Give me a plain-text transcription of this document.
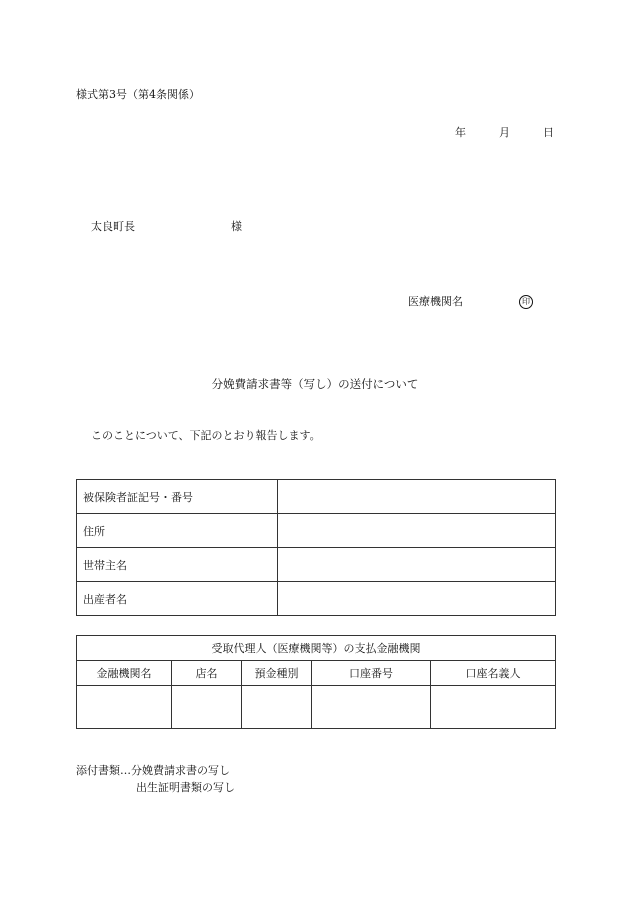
様式第3号（第4条関係）
年	月	日
太良町長	様
医療機関名	印
分娩費請求書等（写し）の送付について
このことについて、下記のとおり報告します。
被保険者証記号・番号	
住所	
世帯主名	
出産者名	
受取代理人（医療機関等）の支払金融機関				
金融機関名	店名	預金種別	口座番号	口座名義人

添付書類…分娩費請求書の写し
出生証明書類の写し
